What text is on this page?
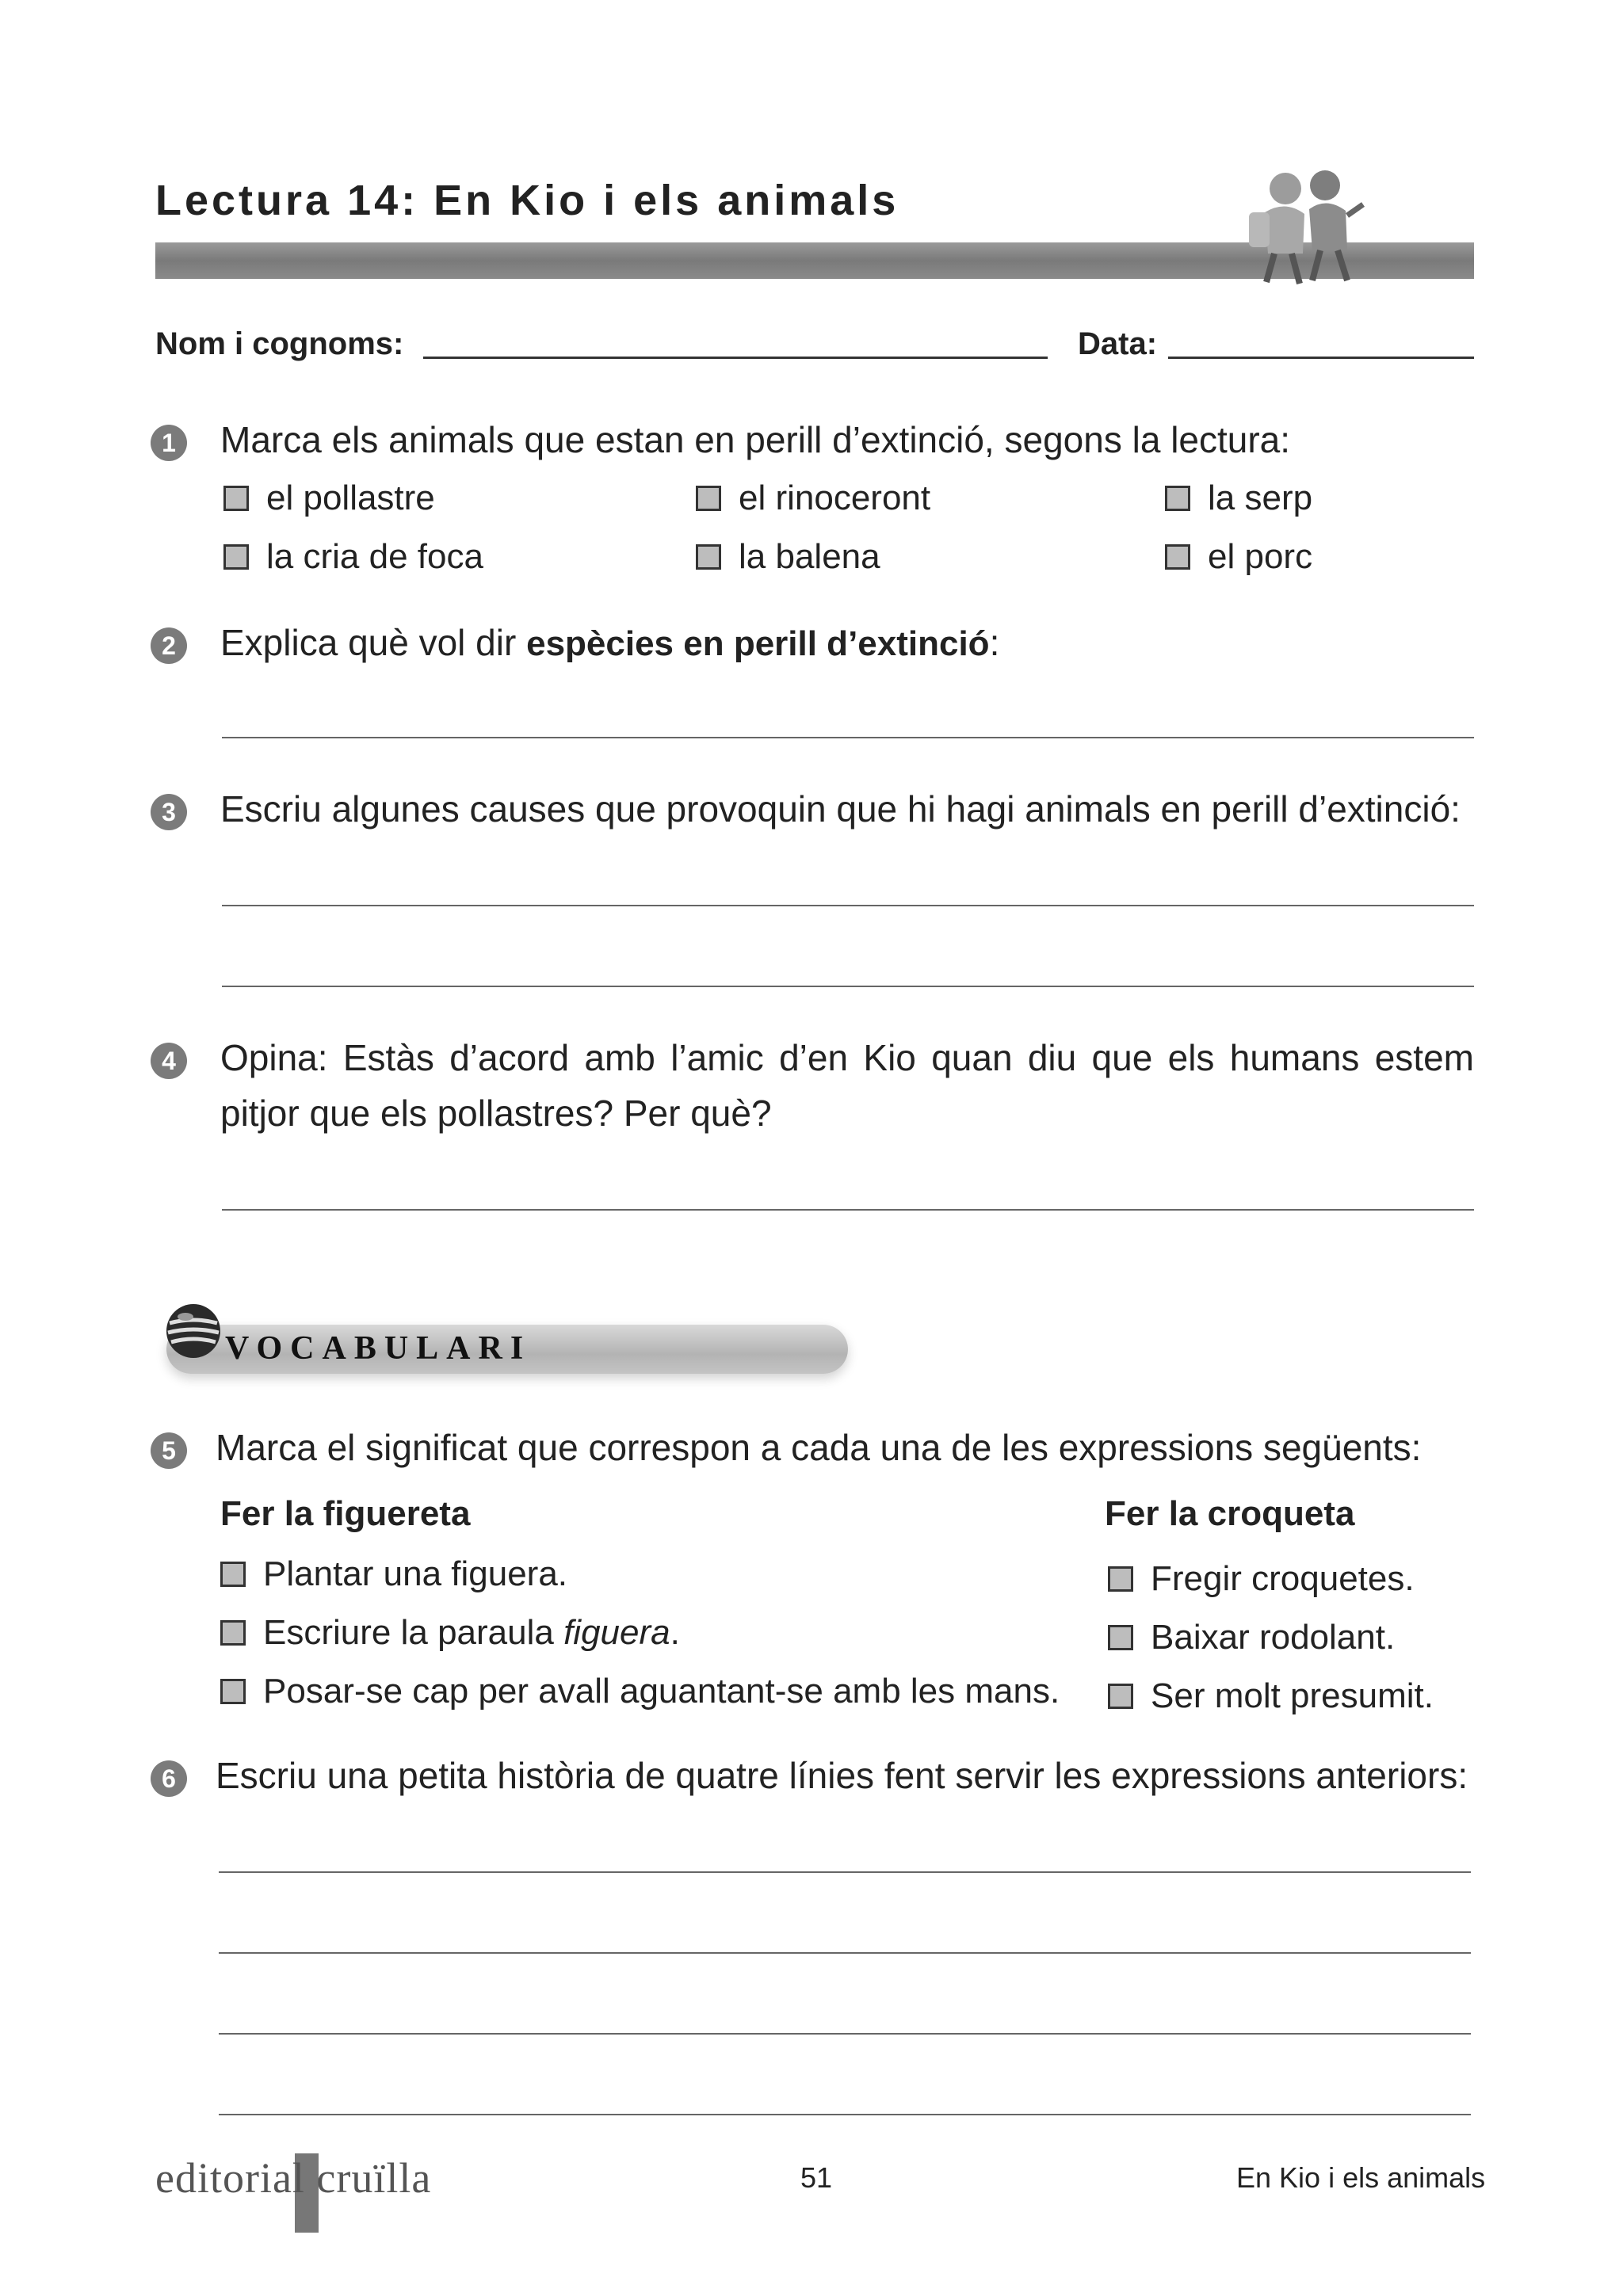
Lectura 14: En Kio i els animals
Nom i cognoms:	Data:
1	Marca els animals que estan en perill d’extinció, segons la lectura:
el pollastre	el rinoceront	la serp
la cria de foca	la balena	el porc
2	Explica què vol dir espècies en perill d’extinció:
3	Escriu algunes causes que provoquin que hi hagi animals en perill d’extinció:
4	Opina: Estàs d’acord amb l’amic d’en Kio quan diu que els humans estem
pitjor que els pollastres? Per què?
VOCABULARI
5	Marca el significat que correspon a cada una de les expressions següents:
Fer la figuereta
Plantar una figuera.
Escriure la paraula figuera.
Posar-se cap per avall aguantant-se amb les mans.
Fer la croqueta
Fregir croquetes.
Baixar rodolant.
Ser molt presumit.
6	Escriu una petita història de quatre línies fent servir les expressions anteriors:
editorial cruïlla	51	En Kio i els animals
